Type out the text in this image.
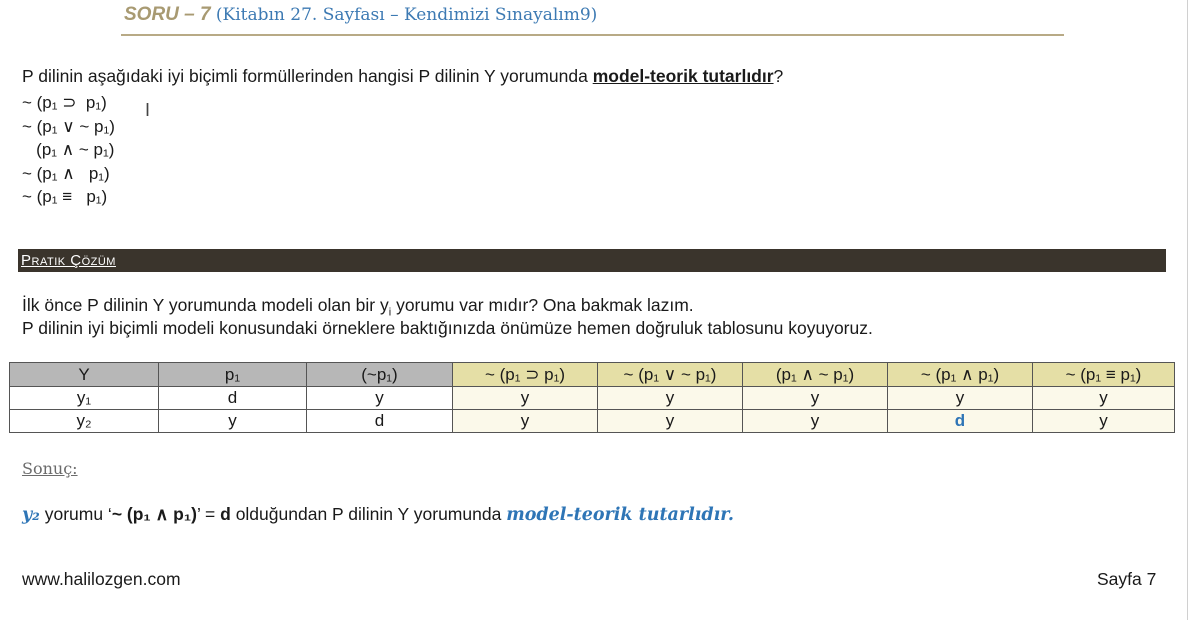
SORU – 7 (Kitabın 27. Sayfası – Kendimizi Sınayalım9)
P dilinin aşağıdaki iyi biçimli formüllerinden hangisi P dilinin Y yorumunda model-teorik tutarlıdır?
~ (p₁ ⊃  p₁)
~ (p₁ ∨ ~ p₁)
(p₁ ∧ ~ p₁)
~ (p₁ ∧   p₁)
~ (p₁ ≡   p₁)
I
Pratik Çözüm
İlk önce P dilinin Y yorumunda modeli olan bir $y_i$ yorumu var mıdır? Ona bakmak lazım.
P dilinin iyi biçimli modeli konusundaki örneklere baktığınızda önümüze hemen doğruluk tablosunu koyuyoruz.
Y	p₁	(~p₁)	~ (p₁ ⊃ p₁)	~ (p₁ ∨ ~ p₁)	(p₁ ∧ ~ p₁)	~ (p₁ ∧ p₁)	~ (p₁ ≡ p₁)
y₁	d	y	y	y	y	y	y
y₂	y	d	y	y	y	d	y
Sonuç:
y₂ yorumu ‘~ (p₁ ∧ p₁)’ = d olduğundan P dilinin Y yorumunda model-teorik tutarlıdır.
www.halilozgen.com	Sayfa 7
